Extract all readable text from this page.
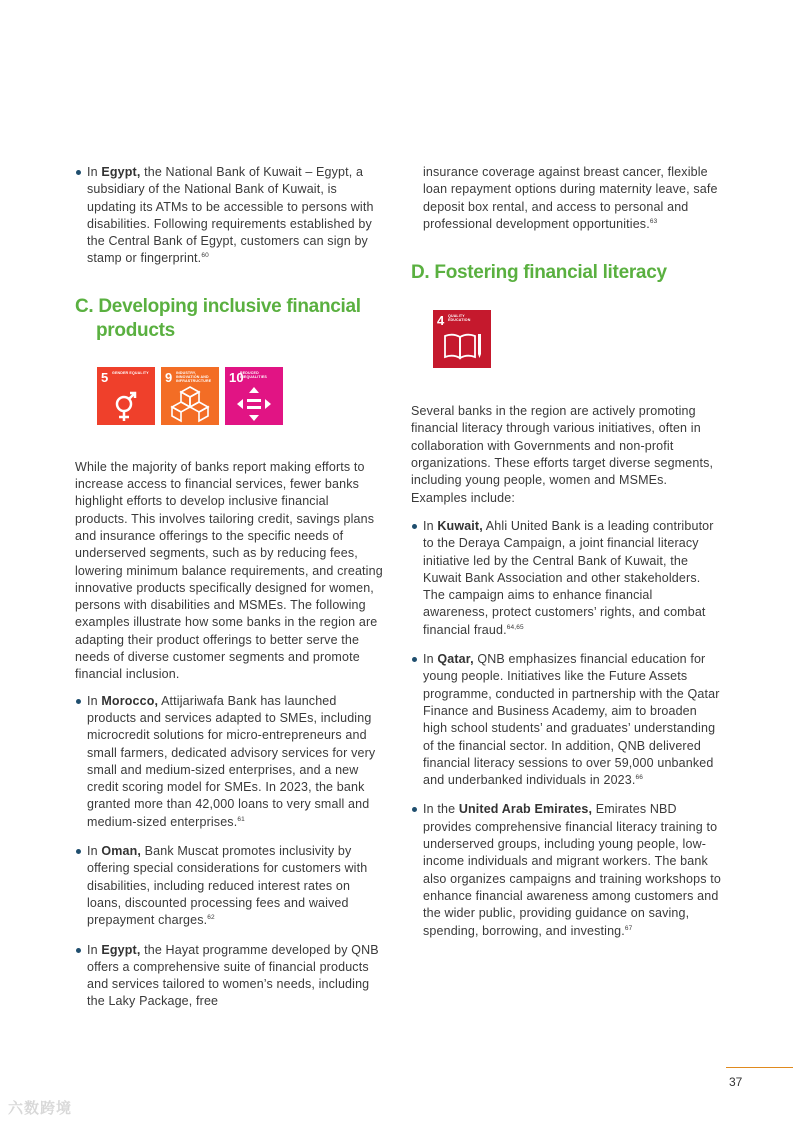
In Egypt, the National Bank of Kuwait – Egypt, a subsidiary of the National Bank of Kuwait, is updating its ATMs to be accessible to persons with disabilities. Following requirements established by the Central Bank of Egypt, customers can sign by stamp or fingerprint.$^{60}$

C. Developing inclusive financial products
5 GENDER EQUALITY 9 INDUSTRY, INNOVATION AND INFRASTRUCTURE	10
REDUCED INEQUALITIES

While the majority of banks report making efforts to increase access to financial services, fewer banks highlight efforts to develop inclusive financial products. This involves tailoring credit, savings plans and insurance offerings to the specific needs of underserved segments, such as by reducing fees, lowering minimum balance requirements, and creating innovative products specifically designed for women, persons with disabilities and MSMEs. The following examples illustrate how some banks in the region are adapting their product offerings to better serve the needs of diverse customer segments and promote financial inclusion.

In Morocco, Attijariwafa Bank has launched products and services adapted to SMEs, including microcredit solutions for micro-entrepreneurs and small farmers, dedicated advisory services for very small and medium-sized enterprises, and a new credit scoring model for SMEs. In 2023, the bank granted more than 42,000 loans to very small and medium-sized enterprises.$^{61}$

In Oman, Bank Muscat promotes inclusivity by offering special considerations for customers with disabilities, including reduced interest rates on loans, discounted processing fees and waived prepayment charges.$^{62}$

In Egypt, the Hayat programme developed by QNB offers a comprehensive suite of financial products and services tailored to women’s needs, including the Laky Package, free

insurance coverage against breast cancer, flexible loan repayment options during maternity leave, safe deposit box rental, and access to personal and professional development opportunities.$^{63}$

D. Fostering financial literacy
4 QUALITY EDUCATION

Several banks in the region are actively promoting financial literacy through various initiatives, often in collaboration with Governments and non-profit organizations. These efforts target diverse segments, including young people, women and MSMEs. Examples include:

In Kuwait, Ahli United Bank is a leading contributor to the Deraya Campaign, a joint financial literacy initiative led by the Central Bank of Kuwait, the Kuwait Bank Association and other stakeholders. The campaign aims to enhance financial awareness, protect customers’ rights, and combat financial fraud.$^{64,65}$

In Qatar, QNB emphasizes financial education for young people. Initiatives like the Future Assets programme, conducted in partnership with the Qatar Finance and Business Academy, aim to broaden high school students’ and graduates’ understanding of the financial sector. In addition, QNB delivered financial literacy sessions to over 59,000 unbanked and underbanked individuals in 2023.66

In the United Arab Emirates, Emirates NBD provides comprehensive financial literacy training to underserved groups, including young people, low-income individuals and migrant workers. The bank also organizes campaigns and training workshops to enhance financial awareness among customers and the wider public, providing guidance on saving, spending, borrowing, and investing.$^{67}$

37
六数跨境
